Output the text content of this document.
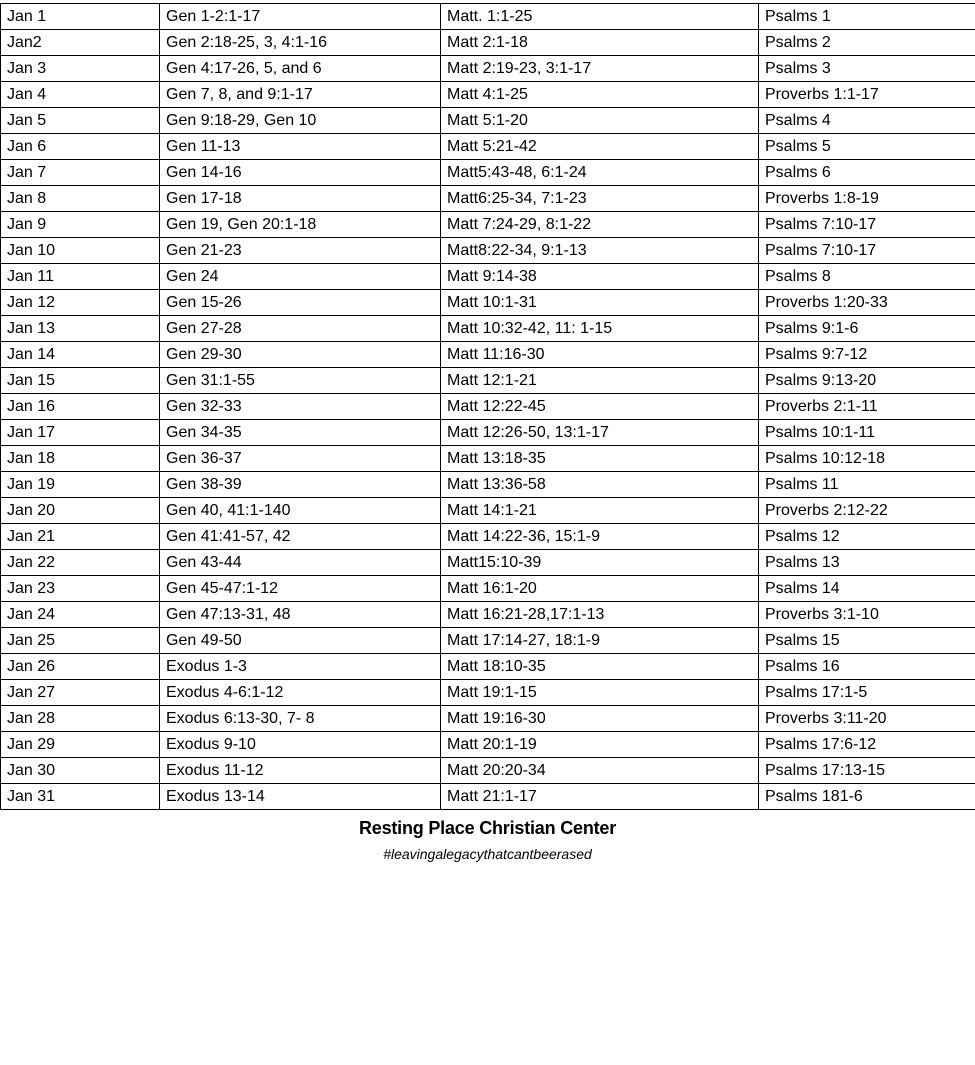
Jan 1	Gen 1-2:1-17	Matt. 1:1-25	Psalms 1
Jan2	Gen 2:18-25, 3, 4:1-16	Matt 2:1-18	Psalms 2
Jan 3	Gen 4:17-26, 5, and 6	Matt 2:19-23, 3:1-17	Psalms 3
Jan 4	Gen 7, 8, and 9:1-17	Matt 4:1-25	Proverbs 1:1-17
Jan 5	Gen 9:18-29, Gen 10	Matt 5:1-20	Psalms 4
Jan 6	Gen 11-13	Matt 5:21-42	Psalms 5
Jan 7	Gen 14-16	Matt5:43-48, 6:1-24	Psalms 6
Jan 8	Gen 17-18	Matt6:25-34, 7:1-23	Proverbs 1:8-19
Jan 9	Gen 19, Gen 20:1-18	Matt 7:24-29, 8:1-22	Psalms 7:10-17
Jan 10	Gen 21-23	Matt8:22-34, 9:1-13	Psalms 7:10-17
Jan 11	Gen 24	Matt 9:14-38	Psalms 8
Jan 12	Gen 15-26	Matt 10:1-31	Proverbs 1:20-33
Jan 13	Gen 27-28	Matt 10:32-42, 11: 1-15	Psalms 9:1-6
Jan 14	Gen 29-30	Matt 11:16-30	Psalms 9:7-12
Jan 15	Gen 31:1-55	Matt 12:1-21	Psalms 9:13-20
Jan 16	Gen 32-33	Matt 12:22-45	Proverbs 2:1-11
Jan 17	Gen 34-35	Matt 12:26-50, 13:1-17	Psalms 10:1-11
Jan 18	Gen 36-37	Matt 13:18-35	Psalms 10:12-18
Jan 19	Gen 38-39	Matt 13:36-58	Psalms 11
Jan 20	Gen 40, 41:1-140	Matt 14:1-21	Proverbs 2:12-22
Jan 21	Gen 41:41-57, 42	Matt 14:22-36, 15:1-9	Psalms 12
Jan 22	Gen 43-44	Matt15:10-39	Psalms 13
Jan 23	Gen 45-47:1-12	Matt 16:1-20	Psalms 14
Jan 24	Gen 47:13-31, 48	Matt 16:21-28,17:1-13	Proverbs 3:1-10
Jan 25	Gen 49-50	Matt 17:14-27, 18:1-9	Psalms 15
Jan 26	Exodus 1-3	Matt 18:10-35	Psalms 16
Jan 27	Exodus 4-6:1-12	Matt 19:1-15	Psalms 17:1-5
Jan 28	Exodus 6:13-30, 7- 8	Matt 19:16-30	Proverbs 3:11-20
Jan 29	Exodus 9-10	Matt 20:1-19	Psalms 17:6-12
Jan 30	Exodus 11-12	Matt 20:20-34	Psalms 17:13-15
Jan 31	Exodus 13-14	Matt 21:1-17	Psalms 181-6
Resting Place Christian Center
#leavingalegacythatcantbeerased
